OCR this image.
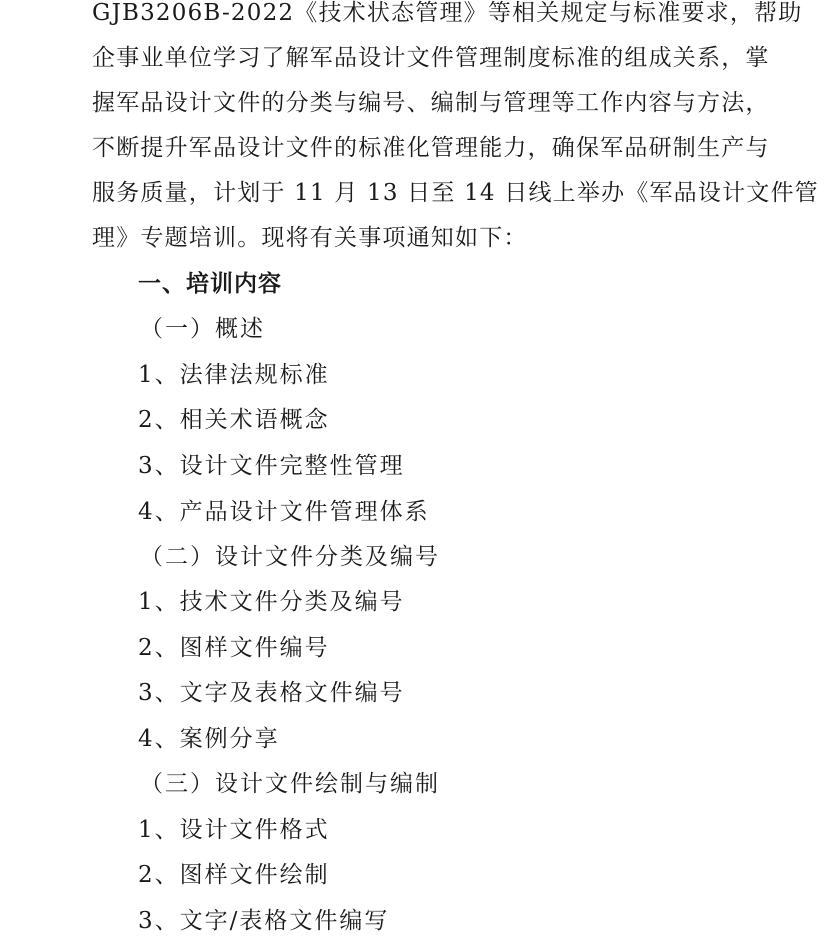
GJB3206B-2022《技术状态管理》等相关规定与标准要求，帮助
企事业单位学习了解军品设计文件管理制度标准的组成关系，掌
握军品设计文件的分类与编号、编制与管理等工作内容与方法，
不断提升军品设计文件的标准化管理能力，确保军品研制生产与
服务质量，计划于 11 月 13 日至 14 日线上举办《军品设计文件管
理》专题培训。现将有关事项通知如下：
一、培训内容
（一）概述
1、法律法规标准
2、相关术语概念
3、设计文件完整性管理
4、产品设计文件管理体系
（二）设计文件分类及编号
1、技术文件分类及编号
2、图样文件编号
3、文字及表格文件编号
4、案例分享
（三）设计文件绘制与编制
1、设计文件格式
2、图样文件绘制
3、文字/表格文件编写
